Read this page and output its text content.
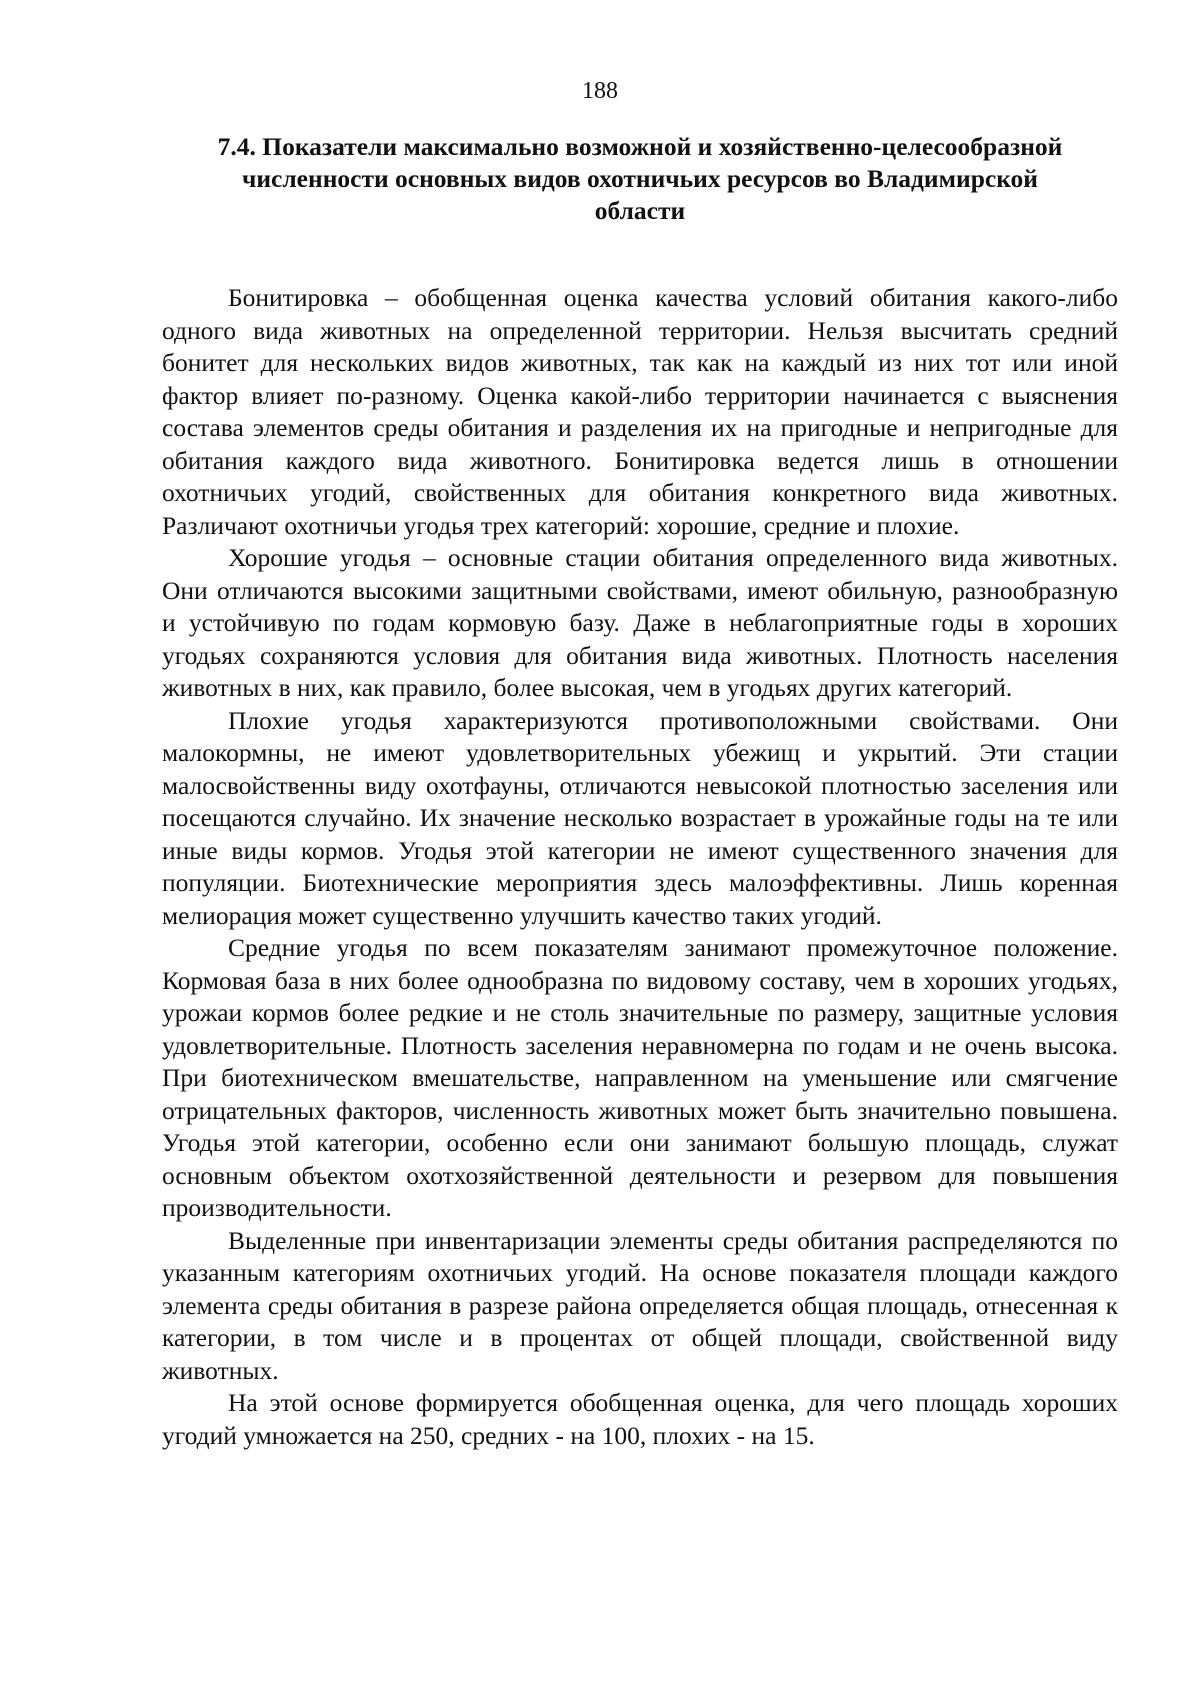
188
7.4. Показатели максимально возможной и хозяйственно-целесообразной
численности основных видов охотничьих ресурсов во Владимирской
области

Бонитировка – обобщенная оценка качества условий обитания какого-либо одного вида животных на определенной территории. Нельзя высчитать средний бонитет для нескольких видов животных, так как на каждый из них тот или иной фактор влияет по-разному. Оценка какой-либо территории начинается с выяснения состава элементов среды обитания и разделения их на пригодные и непригодные для обитания каждого вида животного. Бонитировка ведется лишь в отношении охотничьих угодий, свойственных для обитания конкретного вида животных. Различают охотничьи угодья трех категорий: хорошие, средние и плохие.

Хорошие угодья – основные стации обитания определенного вида животных. Они отличаются высокими защитными свойствами, имеют обильную, разнообразную и устойчивую по годам кормовую базу. Даже в неблагоприятные годы в хороших угодьях сохраняются условия для обитания вида животных. Плотность населения животных в них, как правило, более высокая, чем в угодьях других категорий.

Плохие угодья характеризуются противоположными свойствами. Они малокормны, не имеют удовлетворительных убежищ и укрытий. Эти стации малосвойственны виду охотфауны, отличаются невысокой плотностью заселения или посещаются случайно. Их значение несколько возрастает в урожайные годы на те или иные виды кормов. Угодья этой категории не имеют существенного значения для популяции. Биотехнические мероприятия здесь малоэффективны. Лишь коренная мелиорация может существенно улучшить качество таких угодий.

Средние угодья по всем показателям занимают промежуточное положение. Кормовая база в них более однообразна по видовому составу, чем в хороших угодьях, урожаи кормов более редкие и не столь значительные по размеру, защитные условия удовлетворительные. Плотность заселения неравномерна по годам и не очень высока. При биотехническом вмешательстве, направленном на уменьшение или смягчение отрицательных факторов, численность животных может быть значительно повышена. Угодья этой категории, особенно если они занимают большую площадь, служат основным объектом охотхозяйственной деятельности и резервом для повышения производительности.

Выделенные при инвентаризации элементы среды обитания распределяются по указанным категориям охотничьих угодий. На основе показателя площади каждого элемента среды обитания в разрезе района определяется общая площадь, отнесенная к категории, в том числе и в процентах от общей площади, свойственной виду животных.

На этой основе формируется обобщенная оценка, для чего площадь хороших угодий умножается на 250, средних - на 100, плохих - на 15.
